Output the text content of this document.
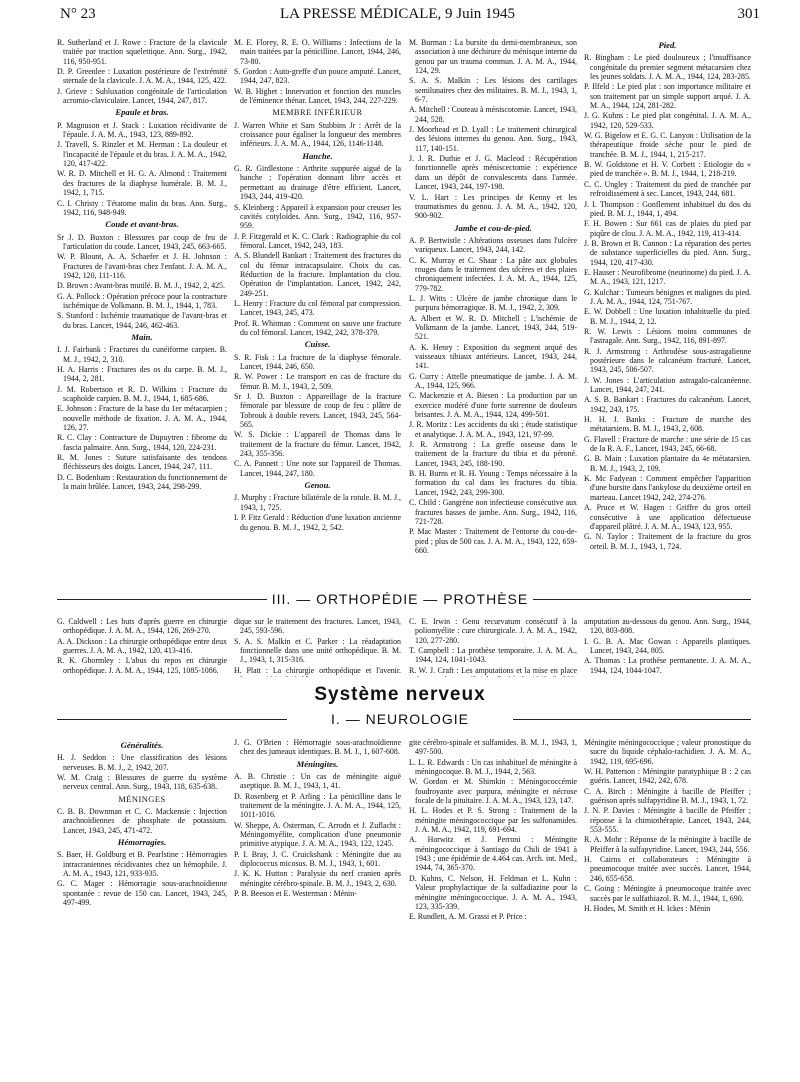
N° 23	LA PRESSE MÉDICALE, 9 Juin 1945	301

R. Sutherland et J. Rowe : Fracture de la clavicule traitée par traction squelettique. Ann. Surg., 1942, 116, 950-951.

D. P. Greenlee : Luxation postérieure de l'extrémité sternale de la clavicule. J. A. M. A., 1944, 125, 422.

J. Grieve : Subluxation congénitale de l'articulation acromio-claviculaire. Lancet, 1944, 247, 817.

Epaule et bras.

P. Magnuson et J. Stack : Luxation récidivante de l'épaule. J. A. M. A., 1943, 123, 889-892.

J. Travell, S. Rinzler et M. Herman : La douleur et l'incapacité de l'épaule et du bras. J. A. M. A., 1942, 120, 417-422.

W. R. D. Mitchell et H. G. A. Almond : Traitement des fractures de la diaphyse humérale. B. M. J., 1942, 1, 715.

C. I. Christy : Tétatome malin du bras. Ann. Surg., 1942, 116, 948-949.

Coude et avant-bras.

Sr J. D. Buxton : Blessures par coup de feu de l'articulation du coude. Lancet, 1943, 245, 663-665.

W. P. Blount, A. A. Schaefer et J. H. Johnson : Fractures de l'avant-bras chez l'enfant. J. A. M. A., 1942, 120, 111-116.

D. Brown : Avant-bras mutilé. B. M. J., 1942, 2, 425.

G. A. Pollock : Opération précoce pour la contracture ischémique de Volkmann. B. M. J., 1944, 1, 783.

S. Stanford : Ischémie traumatique de l'avant-bras et du bras. Lancet, 1944, 246, 462-463.

Main.

I. J. Fairbank : Fractures du cunéiforme carpien. B. M. J., 1942, 2, 310.

H. A. Harris : Fractures des os du carpe. B. M. J., 1944, 2, 281.

J. M. Robertson et R. D. Wilkins : Fracture du scaphoïde carpien. B. M. J., 1944, 1, 685-686.

E. Johnson : Fracture de la base du 1er métacarpien ; nouvelle méthode de fixation. J. A. M. A., 1944, 126, 27.

R. C. Clay : Contracture de Dupuytren : fibrome du fascia palmaire. Ann. Surg., 1944, 120, 224-231.

R. M. Jones : Suture satisfaisante des tendons fléchisseurs des doigts. Lancet, 1944, 247, 111.

D. C. Bodenham : Restauration du fonctionnement de la main brûlée. Lancet, 1943, 244, 298-299.

M. E. Florey, R. E. O. Williams : Infections de la main traitées par la pénicilline. Lancet, 1944, 246, 73-80.

S. Gordon : Auto-greffe d'un pouce amputé. Lancet, 1944, 247, 823.

W. B. Highet : Innervation et fonction des muscles de l'éminence thénar. Lancet, 1943, 244, 227-229.

MEMBRE INFÉRIEUR

J. Warren White et Sam Stubbins Jr : Arrêt de la croissance pour égaliser la longueur des membres inférieurs. J. A. M. A., 1944, 126, 1146-1148.

Hanche.

G. R. Girdlestone : Arthrite suppurée aiguë de la hanche ; l'opération donnant libre accès et permettant au drainage d'être efficient. Lancet, 1943, 244, 419-420.

S. Kleinberg : Appareil à expansion pour creuser les cavités cotyloïdes. Ann. Surg., 1942, 116, 957-959.

J. P. Fitzgerald et K. C. Clark : Radiographie du col fémoral. Lancet, 1942, 243, 183.

A. S. Blundell Bankart : Traitement des fractures du col du fémur intracapsulaire. Choix du cas. Réduction de la fracture. Implantation du clou. Opération de l'implantation. Lancet, 1942, 242, 249-251.

L. Henry : Fracture du col fémoral par compression. Lancet, 1943, 245, 473.

Prof. R. Whitman : Comment on sauve une fracture du col fémoral. Lancet, 1942, 242, 378-379.

Cuisse.

S. R. Fisk : La fracture de la diaphyse fémorale. Lancet, 1944, 246, 650.

R. W. Power : Le transport en cas de fracture du fémur. B. M. J., 1943, 2, 509.

Sr J. D. Buxton : Appareillage de la fracture fémorale par blessure de coup de feu : plâtre de Tobrouk à double revers. Lancet, 1943, 245, 564-565.

W. S. Dickie : L'appareil de Thomas dans le traitement de la fracture du fémur. Lancet, 1942, 243, 355-356.

C. A. Pannett : Une note sur l'appareil de Thomas. Lancet, 1944, 247, 180.

Genou.

J. Murphy : Fracture bilatérale de la rotule. B. M. J., 1943, 1, 725.

I. P. Fitz Gerald : Réduction d'une luxation ancienne du genou. B. M. J., 1942, 2, 542.

M. Burman : La bursite du demi-membraneux, son association à une déchirure du ménisque interne du genou par un trauma commun. J. A. M. A., 1944, 124, 29.

S. A. S. Malkin : Les lésions des cartilages semilunaires chez des militaires. B. M. J., 1943, 1, 6-7.

A. Mitchell : Couteau à méniscotomie. Lancet, 1943, 244, 528.

J. Moorhead et D. Lyall : Le traitement chirurgical des lésions internes du genou. Ann. Surg., 1943, 117, 140-151.

J. J. R. Duthie et J. G. Macleod : Récupération fonctionnelle après méniscectomie : expérience dans un dépôt de convalescents dans l'armée. Lancet, 1943, 244, 197-198.

V. L. Hart : Les principes de Kenny et les traumatismes du genou. J. A. M. A., 1942, 120, 900-902.

Jambe et cou-de-pied.

A. P. Bertwistle : Altérations osseuses dans l'ulcère variqueux. Lancet, 1943, 244, 142.

C. K. Murray et C. Shaar : La pâte aux globules rouges dans le traitement des ulcères et des plaies chroniquement infectées. J. A. M. A., 1944, 125, 779-782.

L. J. Witts : Ulcère de jambe chronique dans le purpura hémorragique. B. M. J., 1942, 2, 309.

A. Albert et W. R. D. Mitchell : L'ischémie de Volkmann de la jambe. Lancet, 1943, 244, 519-521.

A. K. Henry : Exposition du segment arqué des vaisseaux tibiaux antérieurs. Lancet, 1943, 244, 141.

G. Curry : Attelle pneumatique de jambe. J. A. M. A., 1944, 125, 966.

C. Mackenzie et A. Biesen : La production par un exercice modéré d'une forte surrenne de douleurs brisantes. J. A. M. A., 1944, 124, 499-501.

J. R. Moritz : Les accidents du ski ; étude statistique et analytique. J. A. M. A., 1943, 121, 97-99.

J. R. Armstrong : La greffe osseuse dans le traitement de la fracture du tibia et du péroné. Lancet, 1943, 245, 188-190.

B. H. Burns et R. H. Young : Temps nécessaire à la formation du cal dans les fractures du tibia. Lancet, 1942, 243, 299-300.

C. Child : Gangrène non infectieuse consécutive aux fractures basses de jambe. Ann. Surg., 1942, 116, 721-728.

P. Mac Master : Traitement de l'entorse du cou-de-pied ; plus de 500 cas. J. A. M. A., 1943, 122, 659-660.

Pied.

R. Bingham : Le pied douloureux ; l'insuffisance congénitale du premier segment métacarsien chez les jeunes soldats. J. A. M. A., 1944, 124, 283-285.

P. Ilfeld : Le pied plat : son importance militaire et son traitement par un simple support arqué. J. A. M. A., 1944, 124, 281-282.

J. G. Kuhns : Le pied plat congénital. J. A. M. A., 1942, 120, 529-533.

W. G. Bigelow et E. G. C. Lanyon : Utilisation de la thérapeutique froide sèche pour le pied de tranchée. B. M. J., 1944, 1, 215-217.

B. W. Goldstone et H. V. Corbett : Etiologie du « pied de tranchée ». B. M. J., 1944, 1, 218-219.

C. C. Ungley : Traitement du pied de tranchée par refroidissement à sec. Lancet, 1943, 244, 681.

J. I. Thompson : Gonflement inhabituel du dos du pied. B. M. J., 1944, 1, 494.

F. H. Bowen : Sur 661 cas de plaies du pied par piqûre de clou. J. A. M. A., 1942, 119, 413-414.

J. B. Brown et B. Cannon : La réparation des pertes de substance superficielles du pied. Ann. Surg., 1944, 120, 417-430.

E. Hauser : Neurofibrome (neurinome) du pied. J. A. M. A., 1943, 121, 1217.

G. Kulchar : Tumeurs bénignes et malignes du pied. J. A. M. A., 1944, 124, 751-767.

E. W. Dobbell : Une luxation inhabituelle du pied. B. M. J., 1944, 2, 12.

R. W. Lewis : Lésions moins communes de l'astragale. Ann. Surg., 1942, 116, 891-897.

R. J. Armstrong : Arthrodèse sous-astragalienne postérieure dans le calcanéum fracturé. Lancet, 1943, 245, 506-507.

J. W. Jones : L'articulation astragalo-calcanéenne. Lancet, 1944, 247, 241.

A. S. B. Bankart : Fractures du calcanéum. Lancet, 1942, 243, 175.

H. H. J. Banks : Fracture de marche des métatarsiens. B. M. J., 1943, 2, 608.

G. Flavell : Fracture de marche : une série de 15 cas de la R. A. F., Lancet, 1943, 245, 66-68.

G. B. Main : Luxation plantaire du 4e métatarsien. B. M. J., 1943, 2, 109.

K. Mc Fadyean : Comment empêcher l'apparition d'une bursite dans l'ankylose du deuxième orteil en marteau. Lancet 1942, 242, 274-276.

A. Pruce et W. Hagen : Griffre du gros orteil consécutive à une application défectueuse d'appareil plâtré. J. A. M. A., 1943, 123, 955.

G. N. Taylor : Traitement de la fracture du gros orteil. B. M. J., 1943, 1, 724.

III. — ORTHOPÉDIE — PROTHÈSE

G. Caldwell : Les buts d'après guerre en chirurgie orthopédique. J. A. M. A., 1944, 126, 269-270.

A. A. Dickson : La chirurgie orthopédique entre deux guerres. J. A. M. A., 1942, 120, 413-416.

R. K. Ghormley : L'abus du repos en chirurgie orthopédique. J. A. M. A., 1944, 125, 1085-1086.

dique sur le traitement des fractures. Lancet, 1943, 245, 593-596.

S. A. S. Malkin et C. Parker : La réadaptation fonctionnelle dans une unité orthopédique. B. M. J., 1943, 1, 315-316.

H. Platt : La chirurgie orthopédique et l'avenir.

C. E. Irwin : Genu recurvatum consécutif à la poliomyélite : cure chirurgicale. J. A. M. A., 1942, 120, 277-280.

T. Campbell : La prothèse temporaire. J. A. M. A., 1944, 124, 1041-1043.

R. W. J. Craft : Les amputations et la mise en place

amputation au-dessous du genou. Ann. Surg., 1944, 120, 803-808.

I. G. B. A. Mac Gowan : Appareils plastiques. Lancet, 1943, 244, 805.

A. Thomas : La prothèse permanente. J. A. M. A., 1944, 124, 1044-1047.

Système nerveux
I. — NEUROLOGIE
Généralités.

H. J. Seddon : Une classification des lésions nerveuses. B. M. J., 2, 1942, 207.

W. M. Craig : Blessures de guerre du système nerveux central. Ann. Surg., 1943, 118, 635-638.

MÉNINGES

C. B. B. Downman et C. C. Mackensie : Injection arachnoïdiennes de phosphate de potassium. Lancet, 1943, 245, 471-472.

Hémorragies.

S. Baer, H. Goldburg et B. Pearlstine : Hémorragies intracraniennes récidivantes chez un hémophile. J. A. M. A., 1943, 121, 933-935.

G. C. Mager : Hémorragie sous-arachnoïdienne spontanée : revue de 150 cas. Lancet, 1943, 245, 497-499.

J. G. O'Brien : Hémorragie sous-arachnoïdienne chez des jumeaux identiques. B. M. J., 1, 607-608.

Méningites.

A. B. Christie : Un cas de méningite aiguë aseptique. B. M. J., 1943, 1, 41.

D. Rosenberg et P. Arling : La pénicilline dans le traitement de la méningite. J. A. M. A., 1944, 125, 1011-1016.

W. Sheppe, A. Osterman, C. Arrodn et J. Zuflacht : Méningomyélite, complication d'une pneumonie primitive atypique. J. A. M. A., 1943, 122, 1245.

P. I. Bray, J. C. Cruickshank : Méningite due au diplococcus micosus. B. M. J., 1943, 1, 601.

J. K. K. Hutton : Paralysie du nerf cranien après méningite cérébro-spinale. B. M. J., 1943, 2, 630.

P. B. Beeson et E. Westerman : Ménin-

gite cérébro-spinale et sulfamides. B. M. J., 1943, 1, 497-500.

L. L. R. Edwards : Un cas inhabituel de méningite à méningocoque. B. M. J., 1944, 2, 563.

W. Gordon et M. Shimkin : Méningococcémie foudroyante avec purpura, méningite et nécrose focale de la pituitaire. J. A. M. A., 1943, 123, 147.

H. L. Hodes et P. S. Strong : Traitement de la méningite méningococcique par les sulfonamides. J. A. M. A., 1942, 119, 691-694.

A. Horwitz et J. Perroni : Méningite méningococcique à Santiago du Chili de 1941 à 1943 ; une épidémie de 4.464 cas. Arch. int. Med., 1944, 74, 365-370.

D. Kuhns, C. Nelson, H. Feldman et L. Kuhn : Valeur prophylactique de la sulfadiazine pour la méningite méningococcique. J. A. M. A., 1943, 123, 335-339.

E. Rundlett, A. M. Grassi et P. Price :

Méningite méningococcique ; valeur pronostique du sucre du liquide céphalo-rachidien. J. A. M. A., 1942, 119, 695-696.

W. H. Patterson : Méningite paratyphique B : 2 cas guéris. Lancet, 1942, 242, 678.

C. A. Birch : Méningite à bacille de Pfeiffer ; guérison après sulfapyridine B. M. J., 1943, 1, 72.

J. N. P. Davies : Méningite à bacille de Pfeiffer ; réponse à la chimiothérapie. Lancet, 1943, 244, 553-555.

R. A. Mohr : Réponse de la méningite à bacille de Pfeiffer à la sulfapyridine. Lancet, 1943, 244, 556.

H. Cairns et collaborateurs : Méningite à pneumocoque traitée avec succès. Lancet, 1944, 246, 655-658.

C. Going : Méningite à pneumocoque traitée avec succès par le sulfathiazol. B. M. J., 1944, 1, 690.

H. Hodes, M. Smith et H. Ickes : Ménin
